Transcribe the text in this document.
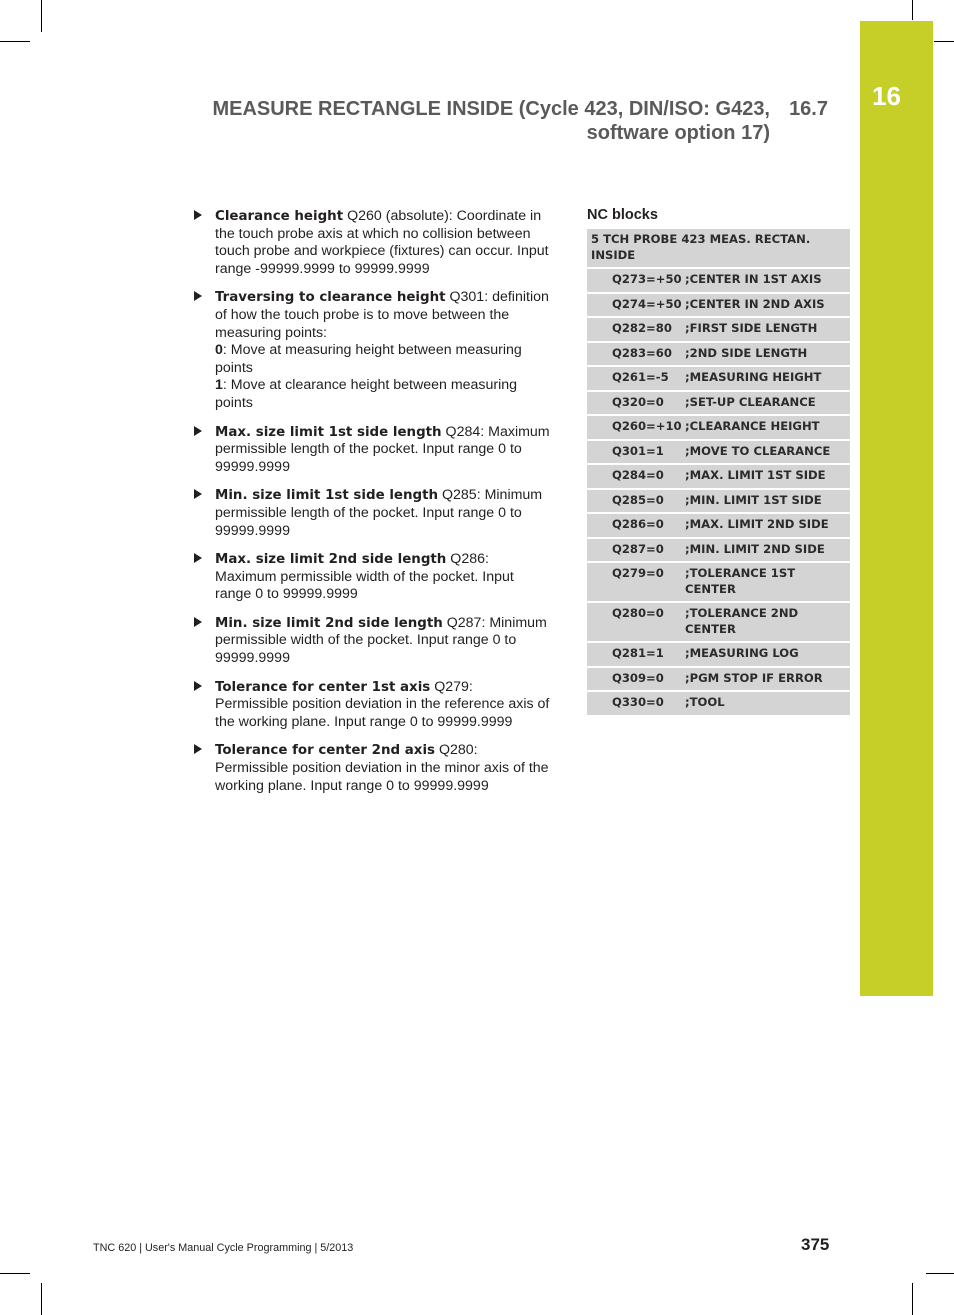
16
MEASURE RECTANGLE INSIDE (Cycle 423, DIN/ISO: G423,
software option 17)
16.7
Clearance height Q260 (absolute): Coordinate in the touch probe axis at which no collision between touch probe and workpiece (fixtures) can occur. Input range -99999.9999 to 99999.9999
Traversing to clearance height Q301: definition of how the touch probe is to move between the measuring points:
0: Move at measuring height between measuring points
1: Move at clearance height between measuring points
Max. size limit 1st side length Q284: Maximum permissible length of the pocket. Input range 0 to 99999.9999
Min. size limit 1st side length Q285: Minimum permissible length of the pocket. Input range 0 to 99999.9999
Max. size limit 2nd side length Q286: Maximum permissible width of the pocket. Input range 0 to 99999.9999
Min. size limit 2nd side length Q287: Minimum permissible width of the pocket. Input range 0 to 99999.9999
Tolerance for center 1st axis Q279: Permissible position deviation in the reference axis of the working plane. Input range 0 to 99999.9999
Tolerance for center 2nd axis Q280: Permissible position deviation in the minor axis of the working plane. Input range 0 to 99999.9999
NC blocks
5 TCH PROBE 423 MEAS. RECTAN. INSIDE
Q273=+50 ;CENTER IN 1ST AXIS
Q274=+50 ;CENTER IN 2ND AXIS
Q282=80	;FIRST SIDE LENGTH
Q283=60	;2ND SIDE LENGTH
Q261=-5	;MEASURING HEIGHT
Q320=0	;SET-UP CLEARANCE
Q260=+10 ;CLEARANCE HEIGHT
Q301=1	;MOVE TO CLEARANCE
Q284=0	;MAX. LIMIT 1ST SIDE
Q285=0	;MIN. LIMIT 1ST SIDE
Q286=0	;MAX. LIMIT 2ND SIDE
Q287=0	;MIN. LIMIT 2ND SIDE
Q279=0	;TOLERANCE 1ST CENTER
Q280=0	;TOLERANCE 2ND CENTER
Q281=1	;MEASURING LOG
Q309=0	;PGM STOP IF ERROR
Q330=0	;TOOL
TNC 620 | User's Manual Cycle Programming | 5/2013	375
